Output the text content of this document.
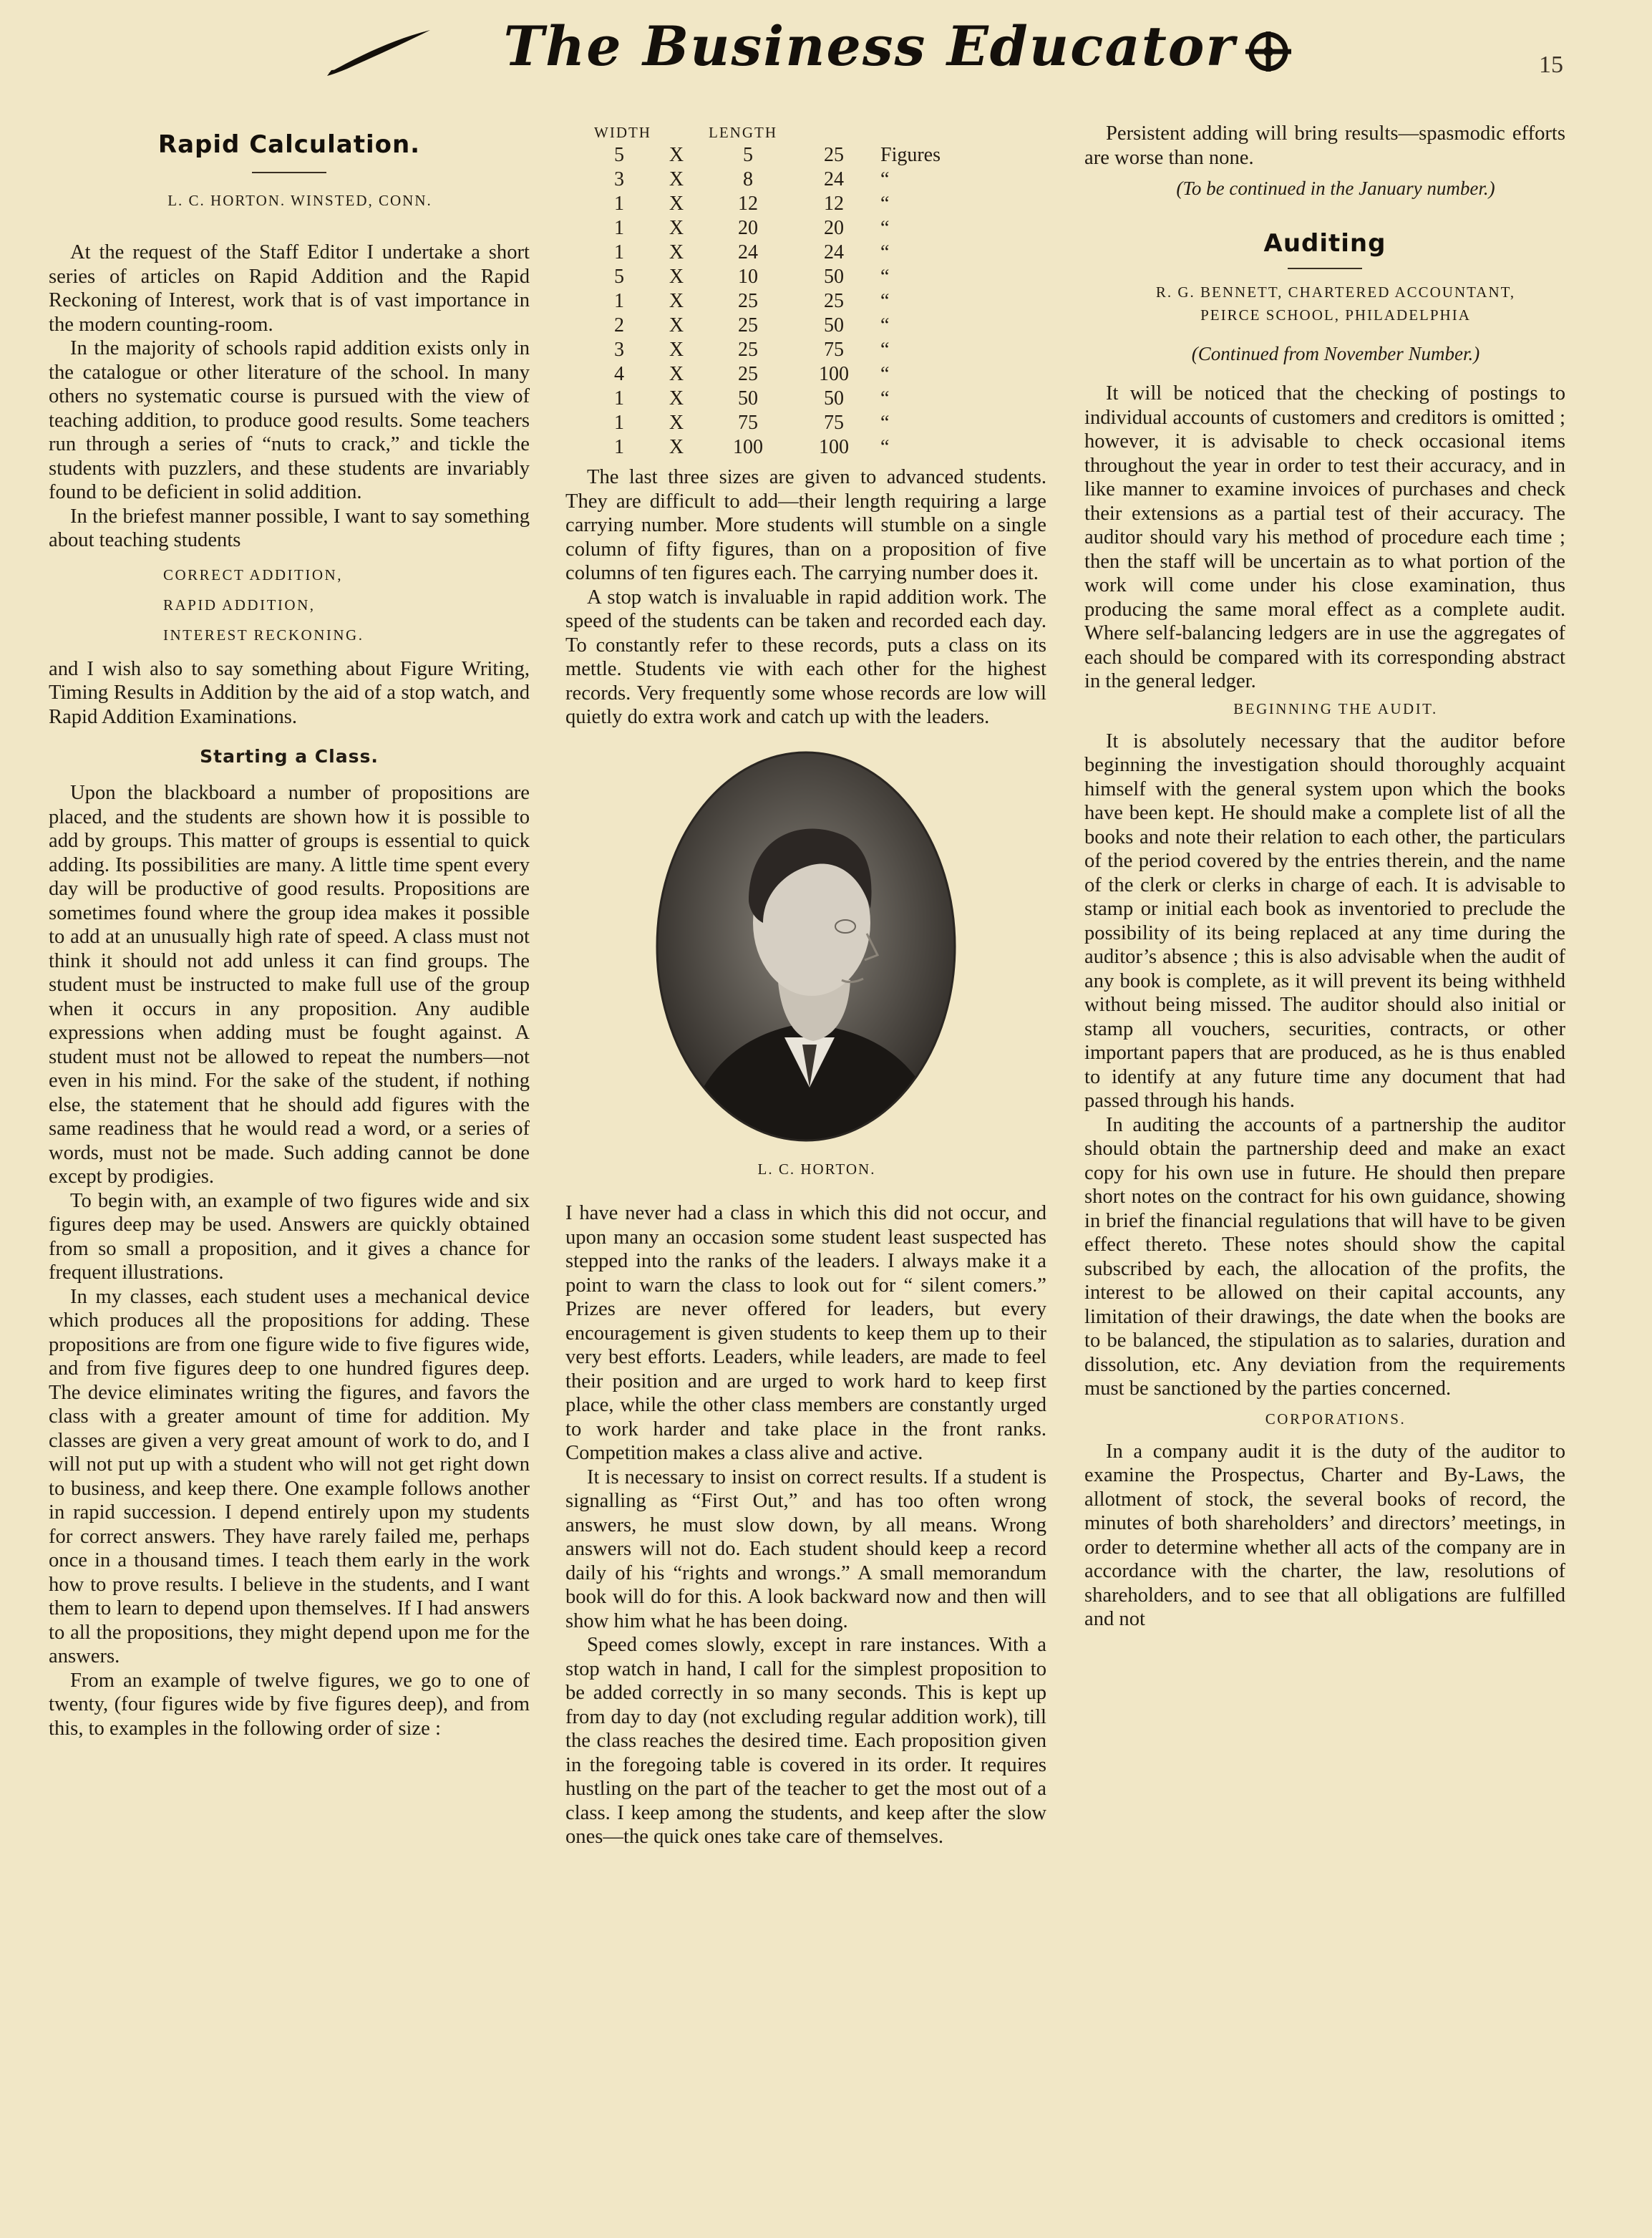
The Business Educator	15
Rapid Calculation.

L. C. HORTON. WINSTED, CONN.

At the request of the Staff Editor I undertake a short series of articles on Rapid Addition and the Rapid Reckoning of Interest, work that is of vast importance in the modern counting-room.

In the majority of schools rapid addition exists only in the catalogue or other literature of the school. In many others no systematic course is pursued with the view of teaching addition, to produce good results. Some teachers run through a series of “nuts to crack,” and tickle the students with puzzlers, and these students are invariably found to be deficient in solid addition.

In the briefest manner possible, I want to say something about teaching students

CORRECT ADDITION,
RAPID ADDITION,
INTEREST RECKONING.

and I wish also to say something about Figure Writing, Timing Results in Addition by the aid of a stop watch, and Rapid Addition Examinations.

Starting a Class.

Upon the blackboard a number of propositions are placed, and the students are shown how it is possible to add by groups. This matter of groups is essential to quick adding. Its possibilities are many. A little time spent every day will be productive of good results. Propositions are sometimes found where the group idea makes it possible to add at an unusually high rate of speed. A class must not think it should not add unless it can find groups. The student must be instructed to make full use of the group when it occurs in any proposition. Any audible expressions when adding must be fought against. A student must not be allowed to repeat the numbers—not even in his mind. For the sake of the student, if nothing else, the statement that he should add figures with the same readiness that he would read a word, or a series of words, must not be made. Such adding cannot be done except by prodigies.

To begin with, an example of two figures wide and six figures deep may be used. Answers are quickly obtained from so small a proposition, and it gives a chance for frequent illustrations.

In my classes, each student uses a mechanical device which produces all the propositions for adding. These propositions are from one figure wide to five figures wide, and from five figures deep to one hundred figures deep. The device eliminates writing the figures, and favors the class with a greater amount of time for addition. My classes are given a very great amount of work to do, and I will not put up with a student who will not get right down to business, and keep there. One example follows another in rapid succession. I depend entirely upon my students for correct answers. They have rarely failed me, perhaps once in a thousand times. I teach them early in the work how to prove results. I believe in the students, and I want them to learn to depend upon themselves. If I had answers to all the propositions, they might depend upon me for the answers.

From an example of twelve figures, we go to one of twenty, (four figures wide by five figures deep), and from this, to examples in the following order of size :

WIDTH		LENGTH		
5	X	5	25	Figures
3	X	8	24	“
1	X	12	12	“
1	X	20	20	“
1	X	24	24	“
5	X	10	50	“
1	X	25	25	“
2	X	25	50	“
3	X	25	75	“
4	X	25	100	“
1	X	50	50	“
1	X	75	75	“
1	X	100	100	“

The last three sizes are given to advanced students. They are difficult to add—their length requiring a large carrying number. More students will stumble on a single column of fifty figures, than on a proposition of five columns of ten figures each. The carrying number does it.

A stop watch is invaluable in rapid addition work. The speed of the students can be taken and recorded each day. To constantly refer to these records, puts a class on its mettle. Students vie with each other for the highest records. Very frequently some whose records are low will quietly do extra work and catch up with the leaders.

L. C. HORTON.

I have never had a class in which this did not occur, and upon many an occasion some student least suspected has stepped into the ranks of the leaders. I always make it a point to warn the class to look out for “ silent comers.” Prizes are never offered for leaders, but every encouragement is given students to keep them up to their very best efforts. Leaders, while leaders, are made to feel their position and are urged to work hard to keep first place, while the other class members are constantly urged to work harder and take place in the front ranks. Competition makes a class alive and active.

It is necessary to insist on correct results. If a student is signalling as “First Out,” and has too often wrong answers, he must slow down, by all means. Wrong answers will not do. Each student should keep a record daily of his “rights and wrongs.” A small memorandum book will do for this. A look backward now and then will show him what he has been doing.

Speed comes slowly, except in rare instances. With a stop watch in hand, I call for the simplest proposition to be added correctly in so many seconds. This is kept up from day to day (not excluding regular addition work), till the class reaches the desired time. Each proposition given in the foregoing table is covered in its order. It requires hustling on the part of the teacher to get the most out of a class. I keep among the students, and keep after the slow ones—the quick ones take care of themselves.

Persistent adding will bring results—spasmodic efforts are worse than none.

(To be continued in the January number.)

Auditing

R. G. BENNETT, CHARTERED ACCOUNTANT,

PEIRCE SCHOOL, PHILADELPHIA

(Continued from November Number.)

It will be noticed that the checking of postings to individual accounts of customers and creditors is omitted ; however, it is advisable to check occasional items throughout the year in order to test their accuracy, and in like manner to examine invoices of purchases and check their extensions as a partial test of their accuracy. The auditor should vary his method of procedure each time ; then the staff will be uncertain as to what portion of the work will come under his close examination, thus producing the same moral effect as a complete audit. Where self-balancing ledgers are in use the aggregates of each should be compared with its corresponding abstract in the general ledger.

BEGINNING THE AUDIT.

It is absolutely necessary that the auditor before beginning the investigation should thoroughly acquaint himself with the general system upon which the books have been kept. He should make a complete list of all the books and note their relation to each other, the particulars of the period covered by the entries therein, and the name of the clerk or clerks in charge of each. It is advisable to stamp or initial each book as inventoried to preclude the possibility of its being replaced at any time during the auditor’s absence ; this is also advisable when the audit of any book is complete, as it will prevent its being withheld without being missed. The auditor should also initial or stamp all vouchers, securities, contracts, or other important papers that are produced, as he is thus enabled to identify at any future time any document that had passed through his hands.

In auditing the accounts of a partnership the auditor should obtain the partnership deed and make an exact copy for his own use in future. He should then prepare short notes on the contract for his own guidance, showing in brief the financial regulations that will have to be given effect thereto. These notes should show the capital subscribed by each, the allocation of the profits, the interest to be allowed on their capital accounts, any limitation of their drawings, the date when the books are to be balanced, the stipulation as to salaries, duration and dissolution, etc. Any deviation from the requirements must be sanctioned by the parties concerned.

CORPORATIONS.

In a company audit it is the duty of the auditor to examine the Prospectus, Charter and By-Laws, the allotment of stock, the several books of record, the minutes of both shareholders’ and directors’ meetings, in order to determine whether all acts of the company are in accordance with the charter, the law, resolutions of shareholders, and to see that all obligations are fulfilled and not
